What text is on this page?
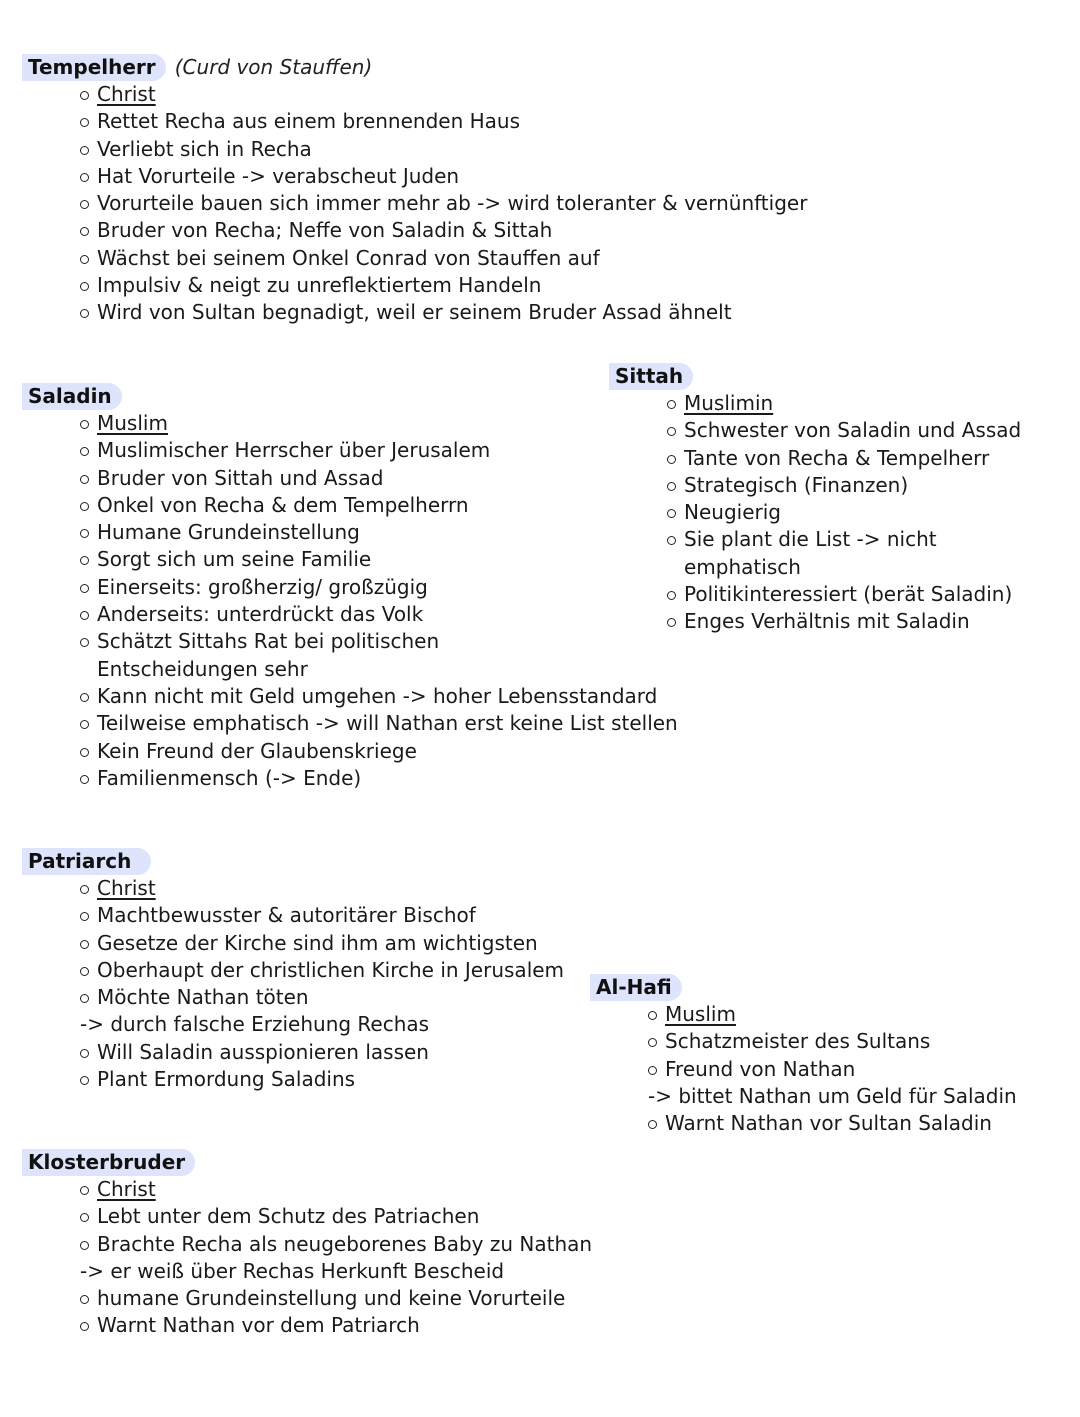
Tempelherr (Curd von Stauffen)
Christ
Rettet Recha aus einem brennenden Haus
Verliebt sich in Recha
Hat Vorurteile -> verabscheut Juden
Vorurteile bauen sich immer mehr ab -> wird toleranter & vernünftiger
Bruder von Recha; Neffe von Saladin & Sittah
Wächst bei seinem Onkel Conrad von Stauffen auf
Impulsiv & neigt zu unreflektiertem Handeln
Wird von Sultan begnadigt, weil er seinem Bruder Assad ähnelt
Saladin
Muslim
Muslimischer Herrscher über Jerusalem
Bruder von Sittah und Assad
Onkel von Recha & dem Tempelherrn
Humane Grundeinstellung
Sorgt sich um seine Familie
Einerseits: großherzig/ großzügig
Anderseits: unterdrückt das Volk
Schätzt Sittahs Rat bei politischen
Entscheidungen sehr
Kann nicht mit Geld umgehen -> hoher Lebensstandard
Teilweise emphatisch -> will Nathan erst keine List stellen
Kein Freund der Glaubenskriege
Familienmensch (-> Ende)
Sittah
Muslimin
Schwester von Saladin und Assad
Tante von Recha & Tempelherr
Strategisch (Finanzen)
Neugierig
Sie plant die List -> nicht
emphatisch
Politikinteressiert (berät Saladin)
Enges Verhältnis mit Saladin
Patriarch
Christ
Machtbewusster & autoritärer Bischof
Gesetze der Kirche sind ihm am wichtigsten
Oberhaupt der christlichen Kirche in Jerusalem
Möchte Nathan töten
-> durch falsche Erziehung Rechas
Will Saladin ausspionieren lassen
Plant Ermordung Saladins
Al-Hafi
Muslim
Schatzmeister des Sultans
Freund von Nathan
-> bittet Nathan um Geld für Saladin
Warnt Nathan vor Sultan Saladin
Klosterbruder
Christ
Lebt unter dem Schutz des Patriachen
Brachte Recha als neugeborenes Baby zu Nathan
-> er weiß über Rechas Herkunft Bescheid
humane Grundeinstellung und keine Vorurteile
Warnt Nathan vor dem Patriarch
